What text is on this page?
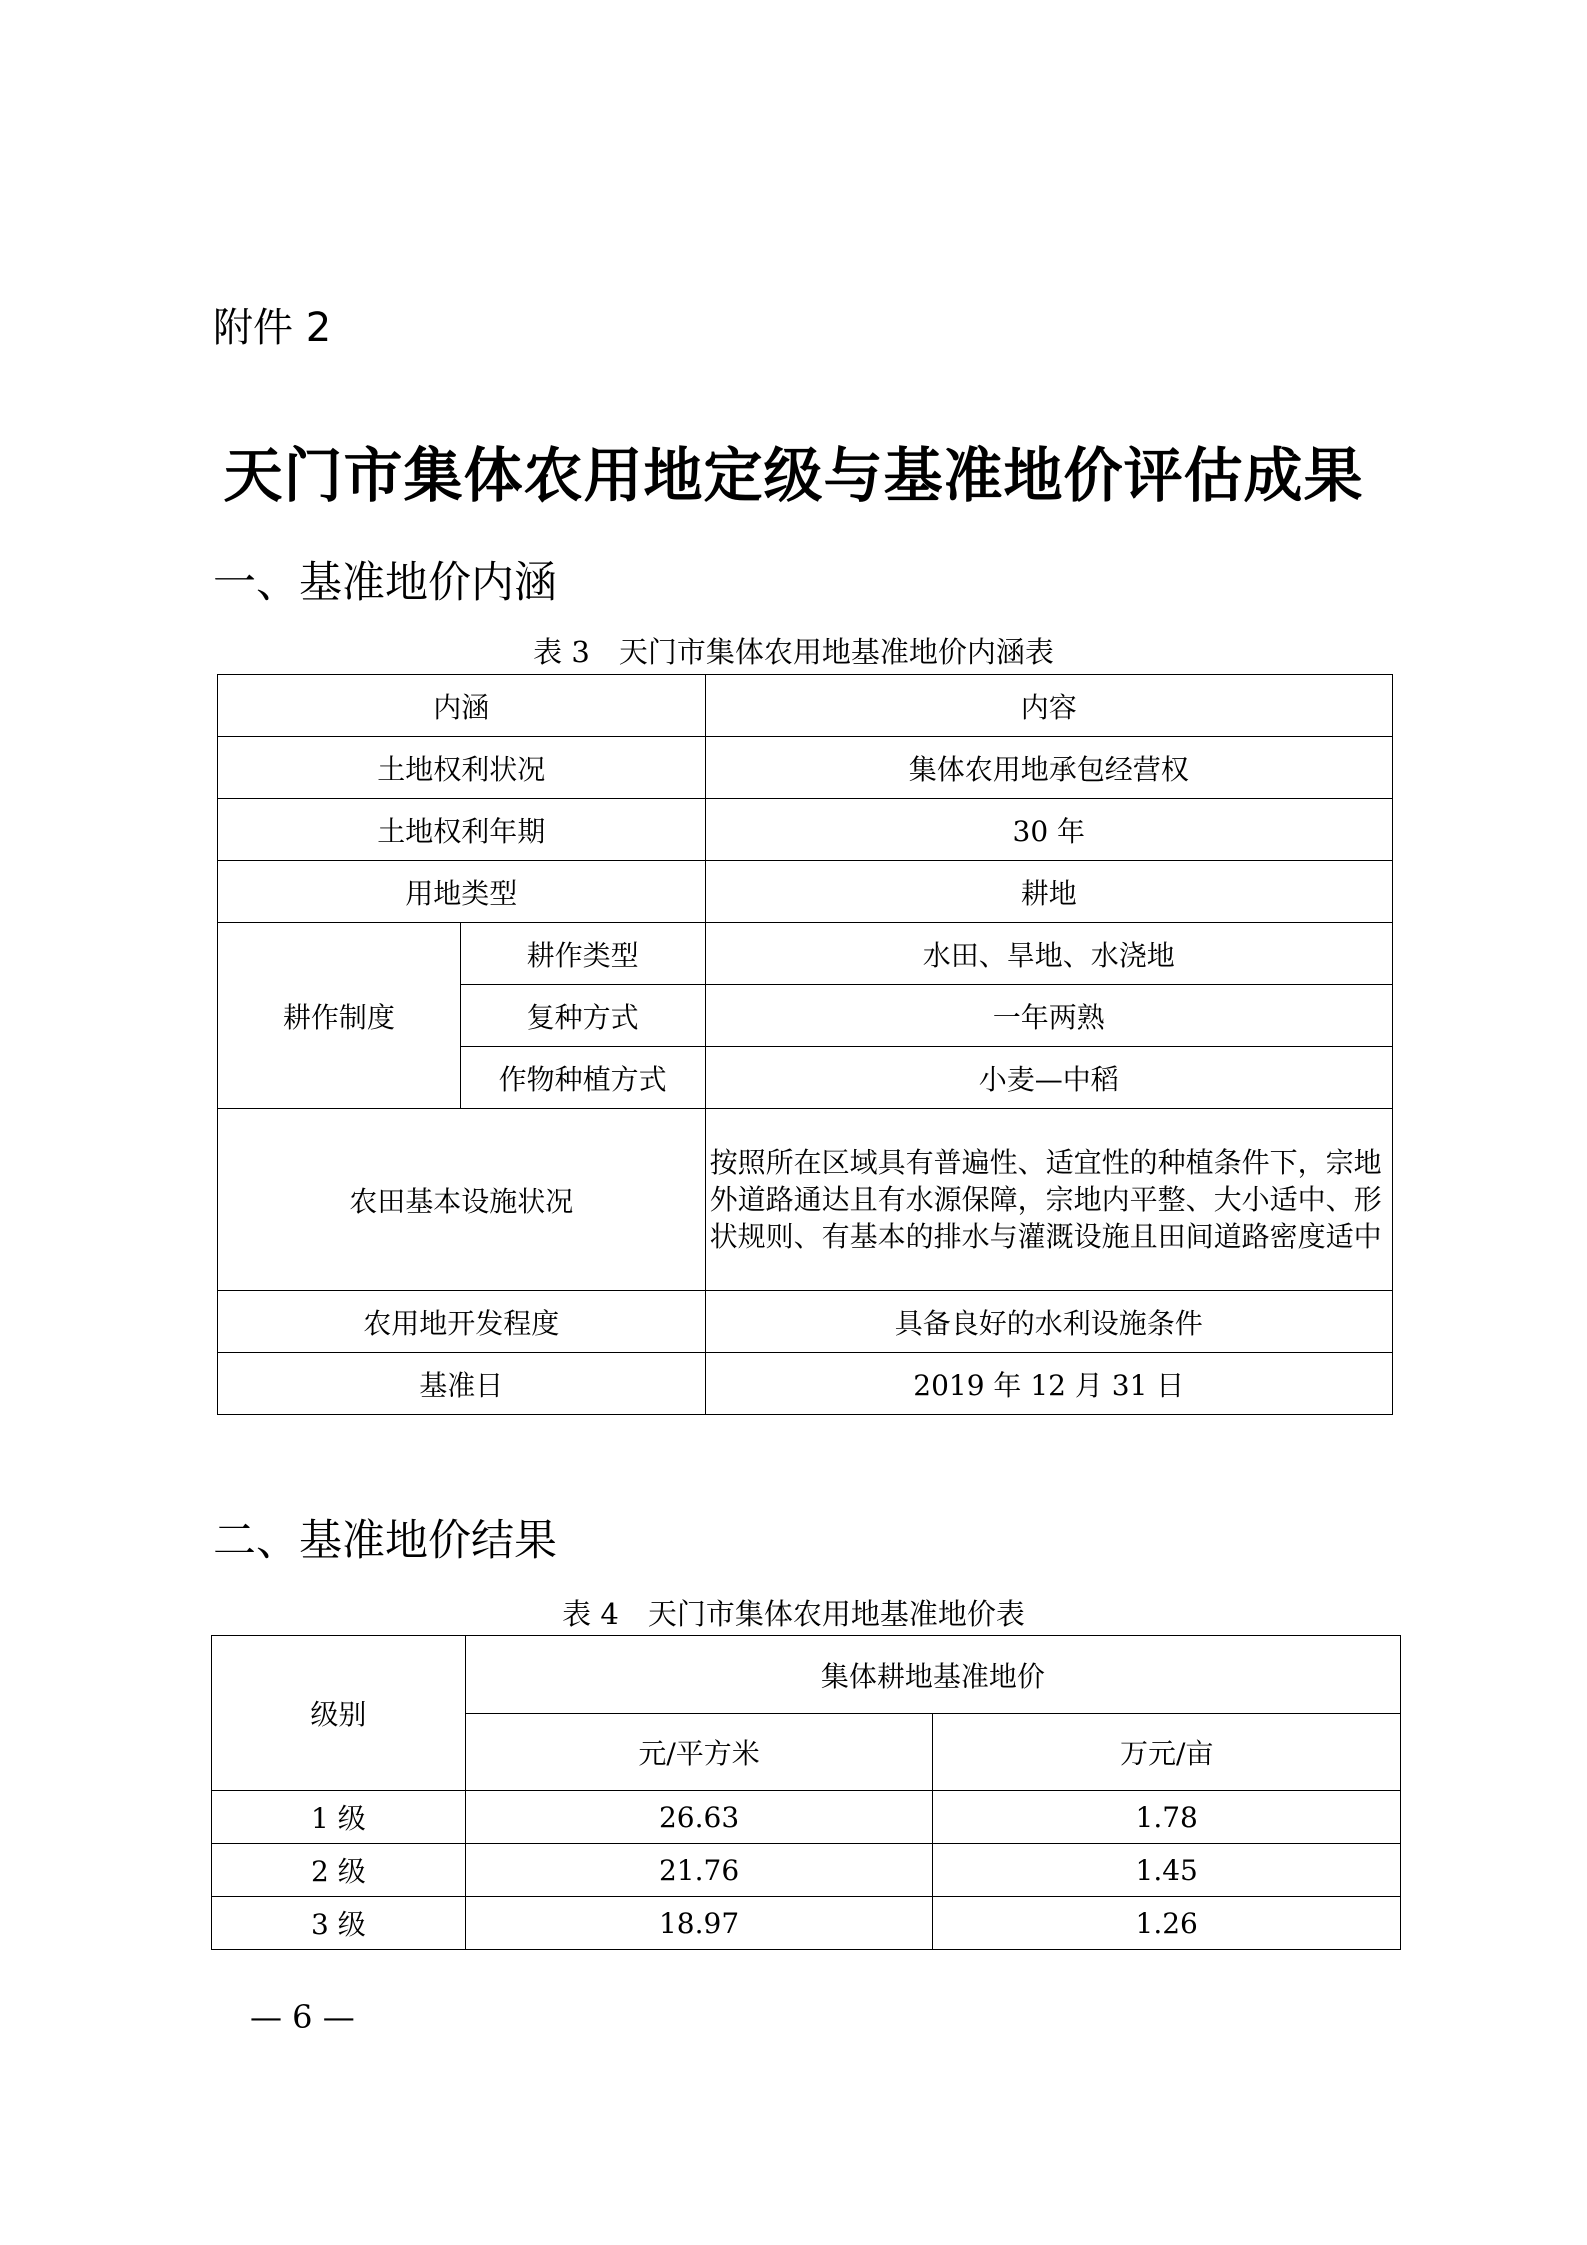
附件 2
天门市集体农用地定级与基准地价评估成果
一、基准地价内涵
表 3　天门市集体农用地基准地价内涵表
内涵		内容
土地权利状况		集体农用地承包经营权
土地权利年期		30 年
用地类型		耕地
耕作制度	耕作类型	水田、旱地、水浇地
	复种方式	一年两熟
	作物种植方式	小麦—中稻
农田基本设施状况		按照所在区域具有普遍性、适宜性的种植条件下，宗地外道路通达且有水源保障，宗地内平整、大小适中、形状规则、有基本的排水与灌溉设施且田间道路密度适中
农用地开发程度		具备良好的水利设施条件
基准日		2019 年 12 月 31 日
二、基准地价结果
表 4　天门市集体农用地基准地价表
级别	集体耕地基准地价	
	元/平方米	万元/亩
1 级	26.63	1.78
2 级	21.76	1.45
3 级	18.97	1.26
— 6 —
